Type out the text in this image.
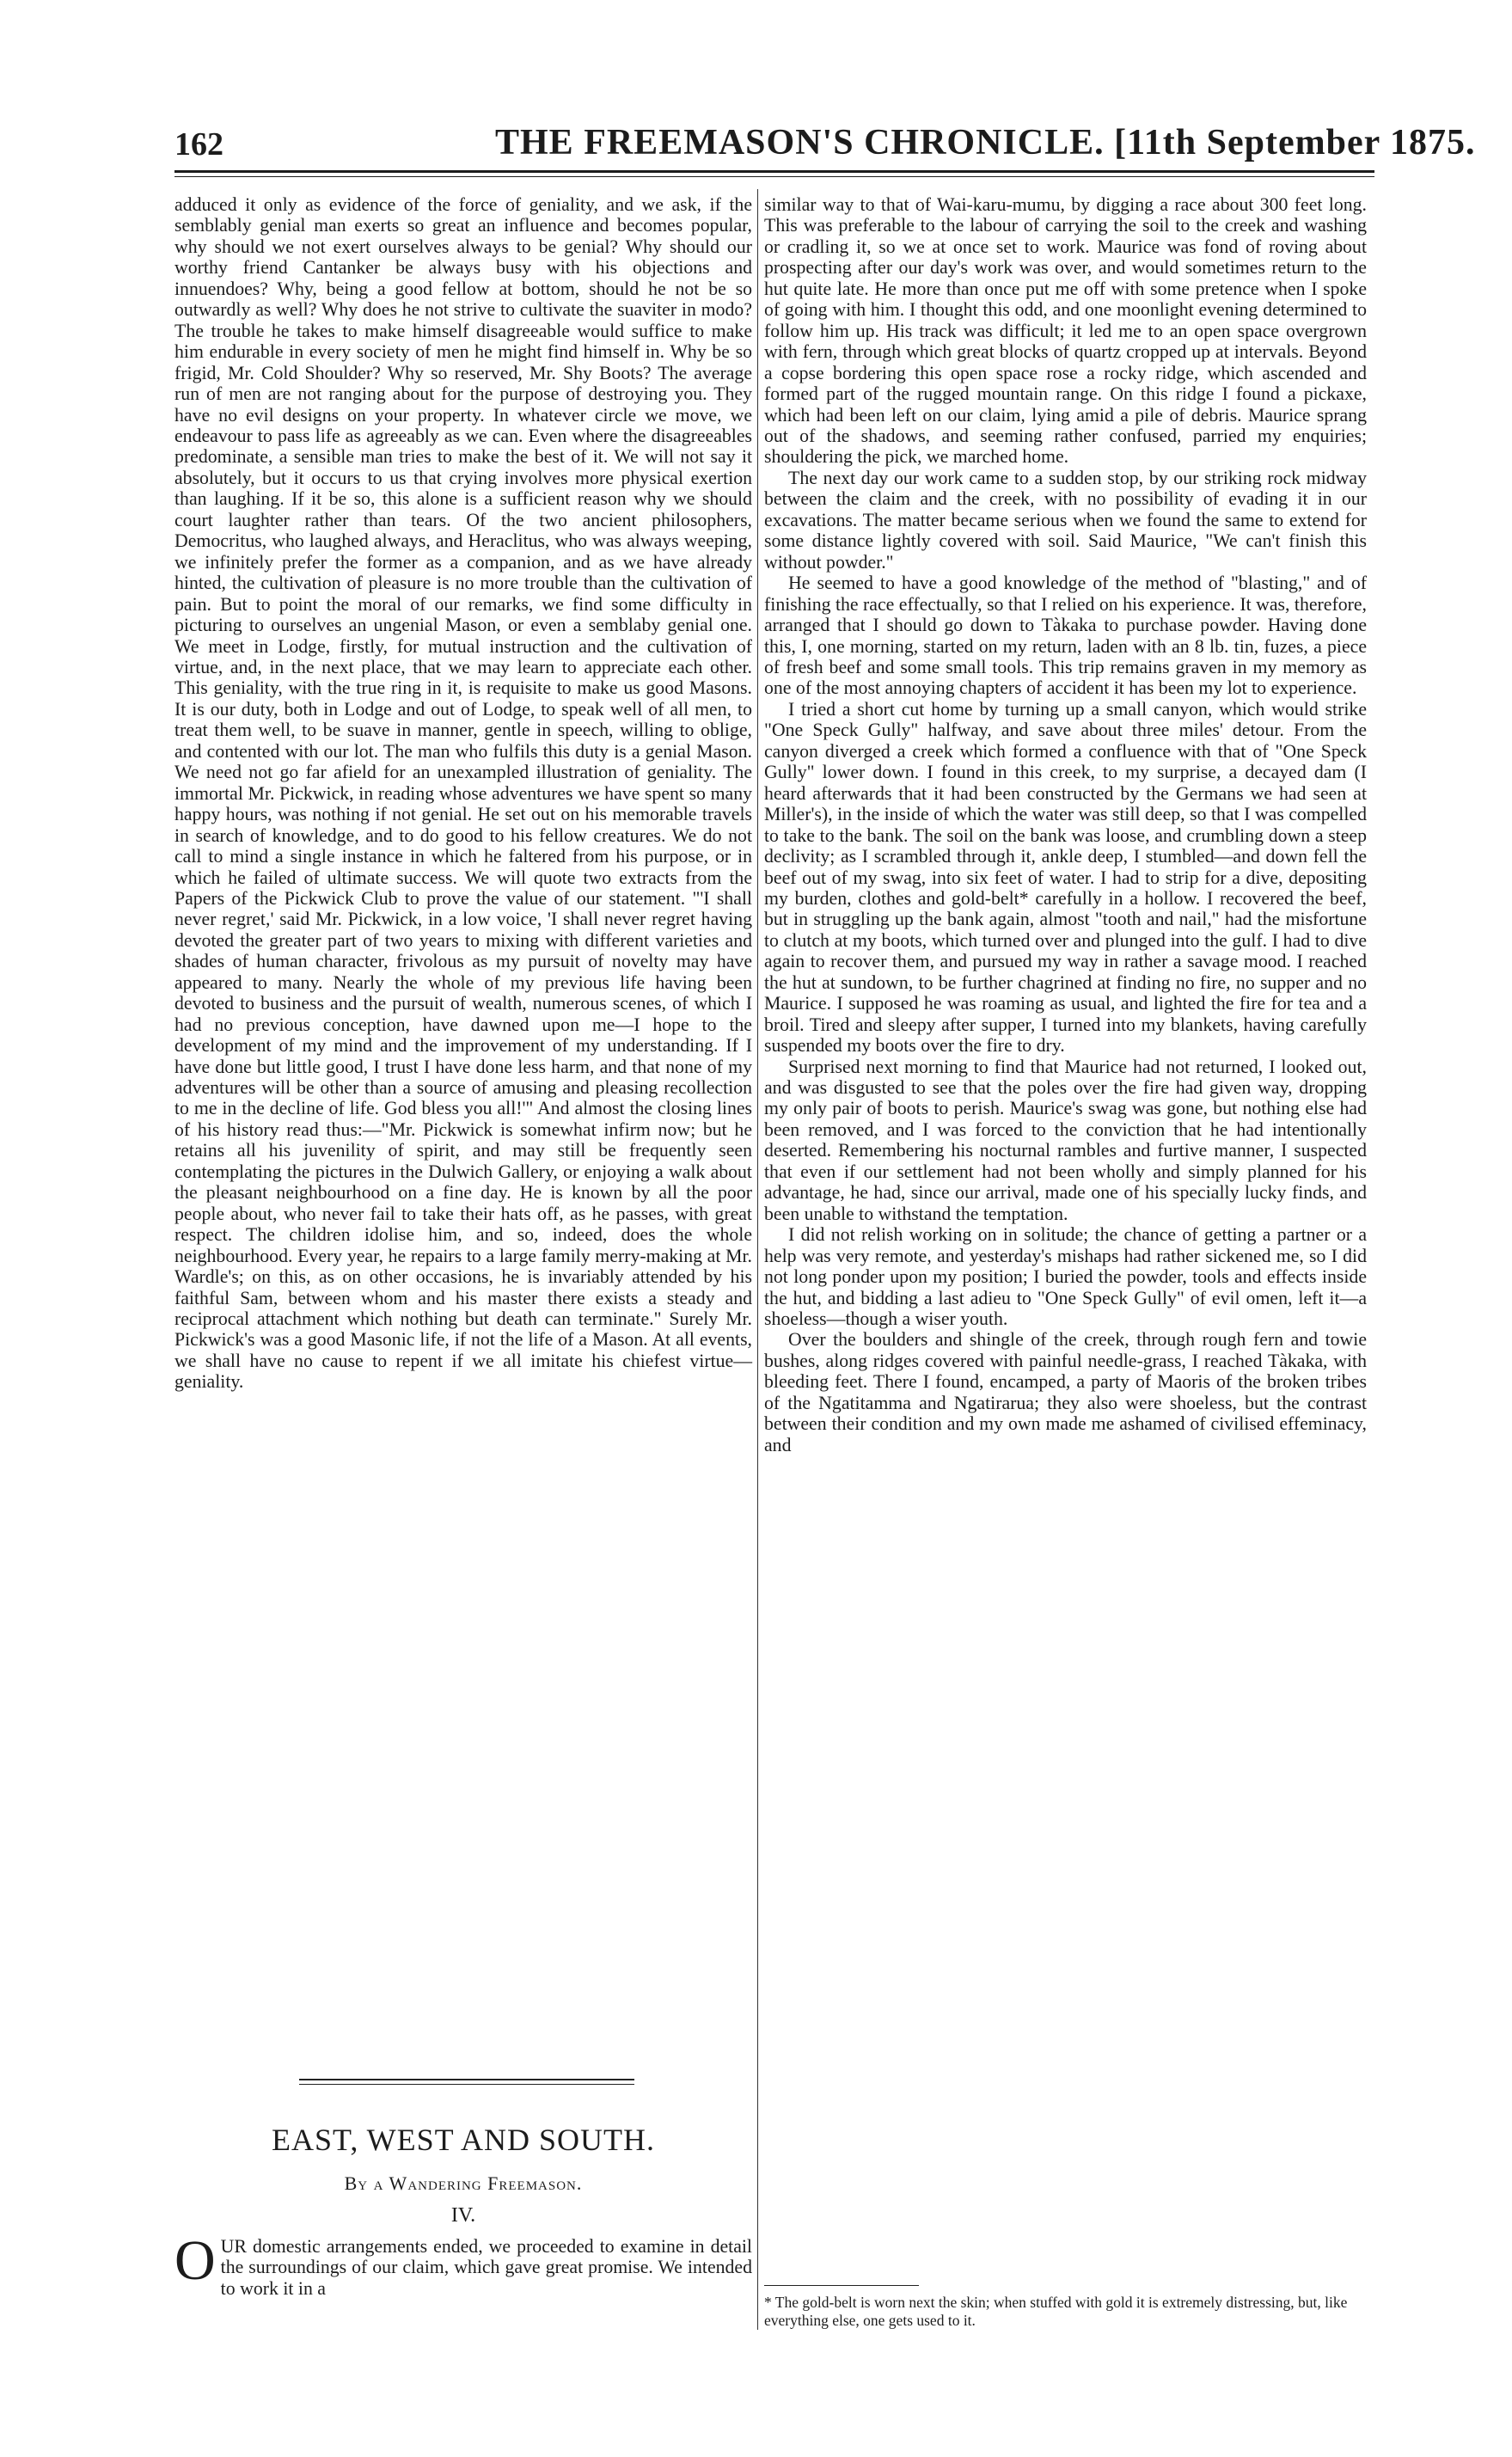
162	THE FREEMASON'S CHRONICLE. [11th September 1875.

adduced it only as evidence of the force of geniality, and we ask, if the semblably genial man exerts so great an influence and becomes popular, why should we not exert ourselves always to be genial? Why should our worthy friend Cantanker be always busy with his objections and innuendoes? Why, being a good fellow at bottom, should he not be so outwardly as well? Why does he not strive to cultivate the suaviter in modo? The trouble he takes to make himself disagreeable would suffice to make him endurable in every society of men he might find himself in. Why be so frigid, Mr. Cold Shoulder? Why so reserved, Mr. Shy Boots? The average run of men are not ranging about for the purpose of destroying you. They have no evil designs on your property. In whatever circle we move, we endeavour to pass life as agreeably as we can. Even where the disagreeables predominate, a sensible man tries to make the best of it. We will not say it absolutely, but it occurs to us that crying involves more physical exertion than laughing. If it be so, this alone is a sufficient reason why we should court laughter rather than tears. Of the two ancient philosophers, Democritus, who laughed always, and Heraclitus, who was always weeping, we infinitely prefer the former as a companion, and as we have already hinted, the cultivation of pleasure is no more trouble than the cultivation of pain. But to point the moral of our remarks, we find some difficulty in picturing to ourselves an ungenial Mason, or even a semblaby genial one. We meet in Lodge, firstly, for mutual instruction and the cultivation of virtue, and, in the next place, that we may learn to appreciate each other. This geniality, with the true ring in it, is requisite to make us good Masons. It is our duty, both in Lodge and out of Lodge, to speak well of all men, to treat them well, to be suave in manner, gentle in speech, willing to oblige, and contented with our lot. The man who fulfils this duty is a genial Mason. We need not go far afield for an unexampled illustration of geniality. The immortal Mr. Pickwick, in reading whose adventures we have spent so many happy hours, was nothing if not genial. He set out on his memorable travels in search of knowledge, and to do good to his fellow creatures. We do not call to mind a single instance in which he faltered from his purpose, or in which he failed of ultimate success. We will quote two extracts from the Papers of the Pickwick Club to prove the value of our statement. "'I shall never regret,' said Mr. Pickwick, in a low voice, 'I shall never regret having devoted the greater part of two years to mixing with different varieties and shades of human character, frivolous as my pursuit of novelty may have appeared to many. Nearly the whole of my previous life having been devoted to business and the pursuit of wealth, numerous scenes, of which I had no previous conception, have dawned upon me—I hope to the development of my mind and the improvement of my understanding. If I have done but little good, I trust I have done less harm, and that none of my adventures will be other than a source of amusing and pleasing recollection to me in the decline of life. God bless you all!'" And almost the closing lines of his history read thus:—"Mr. Pickwick is somewhat infirm now; but he retains all his juvenility of spirit, and may still be frequently seen contemplating the pictures in the Dulwich Gallery, or enjoying a walk about the pleasant neighbourhood on a fine day. He is known by all the poor people about, who never fail to take their hats off, as he passes, with great respect. The children idolise him, and so, indeed, does the whole neighbourhood. Every year, he repairs to a large family merry-making at Mr. Wardle's; on this, as on other occasions, he is invariably attended by his faithful Sam, between whom and his master there exists a steady and reciprocal attachment which nothing but death can terminate." Surely Mr. Pickwick's was a good Masonic life, if not the life of a Mason. At all events, we shall have no cause to repent if we all imitate his chiefest virtue—geniality.

EAST, WEST AND SOUTH.
By a Wandering Freemason.
IV.
O UR domestic arrangements ended, we proceeded to examine in detail the surroundings of our claim, which gave great promise. We intended to work it in a

similar way to that of Wai-karu-mumu, by digging a race about 300 feet long. This was preferable to the labour of carrying the soil to the creek and washing or cradling it, so we at once set to work. Maurice was fond of roving about prospecting after our day's work was over, and would sometimes return to the hut quite late. He more than once put me off with some pretence when I spoke of going with him. I thought this odd, and one moonlight evening determined to follow him up. His track was difficult; it led me to an open space overgrown with fern, through which great blocks of quartz cropped up at intervals. Beyond a copse bordering this open space rose a rocky ridge, which ascended and formed part of the rugged mountain range. On this ridge I found a pickaxe, which had been left on our claim, lying amid a pile of debris. Maurice sprang out of the shadows, and seeming rather confused, parried my enquiries; shouldering the pick, we marched home.

The next day our work came to a sudden stop, by our striking rock midway between the claim and the creek, with no possibility of evading it in our excavations. The matter became serious when we found the same to extend for some distance lightly covered with soil. Said Maurice, "We can't finish this without powder."

He seemed to have a good knowledge of the method of "blasting," and of finishing the race effectually, so that I relied on his experience. It was, therefore, arranged that I should go down to Tàkaka to purchase powder. Having done this, I, one morning, started on my return, laden with an 8 lb. tin, fuzes, a piece of fresh beef and some small tools. This trip remains graven in my memory as one of the most annoying chapters of accident it has been my lot to experience.

I tried a short cut home by turning up a small canyon, which would strike "One Speck Gully" halfway, and save about three miles' detour. From the canyon diverged a creek which formed a confluence with that of "One Speck Gully" lower down. I found in this creek, to my surprise, a decayed dam (I heard afterwards that it had been constructed by the Germans we had seen at Miller's), in the inside of which the water was still deep, so that I was compelled to take to the bank. The soil on the bank was loose, and crumbling down a steep declivity; as I scrambled through it, ankle deep, I stumbled—and down fell the beef out of my swag, into six feet of water. I had to strip for a dive, depositing my burden, clothes and gold-belt* carefully in a hollow. I recovered the beef, but in struggling up the bank again, almost "tooth and nail," had the misfortune to clutch at my boots, which turned over and plunged into the gulf. I had to dive again to recover them, and pursued my way in rather a savage mood. I reached the hut at sundown, to be further chagrined at finding no fire, no supper and no Maurice. I supposed he was roaming as usual, and lighted the fire for tea and a broil. Tired and sleepy after supper, I turned into my blankets, having carefully suspended my boots over the fire to dry.

Surprised next morning to find that Maurice had not returned, I looked out, and was disgusted to see that the poles over the fire had given way, dropping my only pair of boots to perish. Maurice's swag was gone, but nothing else had been removed, and I was forced to the conviction that he had intentionally deserted. Remembering his nocturnal rambles and furtive manner, I suspected that even if our settlement had not been wholly and simply planned for his advantage, he had, since our arrival, made one of his specially lucky finds, and been unable to withstand the temptation.

I did not relish working on in solitude; the chance of getting a partner or a help was very remote, and yesterday's mishaps had rather sickened me, so I did not long ponder upon my position; I buried the powder, tools and effects inside the hut, and bidding a last adieu to "One Speck Gully" of evil omen, left it—a shoeless—though a wiser youth.

Over the boulders and shingle of the creek, through rough fern and towie bushes, along ridges covered with painful needle-grass, I reached Tàkaka, with bleeding feet. There I found, encamped, a party of Maoris of the broken tribes of the Ngatitamma and Ngatirarua; they also were shoeless, but the contrast between their condition and my own made me ashamed of civilised effeminacy, and

* The gold-belt is worn next the skin; when stuffed with gold it is extremely distressing, but, like everything else, one gets used to it.
